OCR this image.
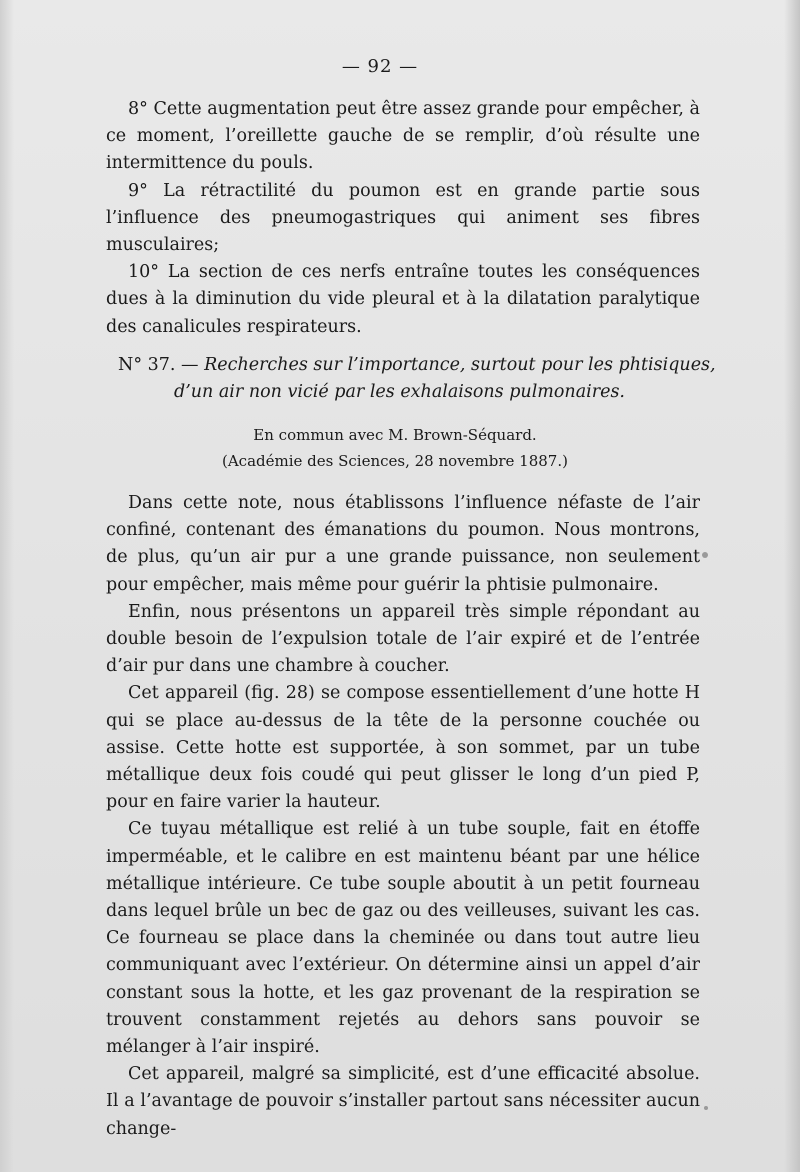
— 92 —

8° Cette augmentation peut être assez grande pour empêcher, à ce moment, l’oreillette gauche de se remplir, d’où résulte une intermittence du pouls.

9° La rétractilité du poumon est en grande partie sous l’influence des pneumogastriques qui animent ses fibres musculaires;

10° La section de ces nerfs entraîne toutes les conséquences dues à la diminution du vide pleural et à la dilatation paralytique des canalicules respirateurs.

N° 37. — Recherches sur l’importance, surtout pour les phtisiques,
d’un air non vicié par les exhalaisons pulmonaires.
En commun avec M. Brown-Séquard.
(Académie des Sciences, 28 novembre 1887.)

Dans cette note, nous établissons l’influence néfaste de l’air confiné, contenant des émanations du poumon. Nous montrons, de plus, qu’un air pur a une grande puissance, non seulement pour empêcher, mais même pour guérir la phtisie pulmonaire.

Enfin, nous présentons un appareil très simple répondant au double besoin de l’expulsion totale de l’air expiré et de l’entrée d’air pur dans une chambre à coucher.

Cet appareil (fig. 28) se compose essentiellement d’une hotte H qui se place au-dessus de la tête de la personne couchée ou assise. Cette hotte est supportée, à son sommet, par un tube métallique deux fois coudé qui peut glisser le long d’un pied P, pour en faire varier la hauteur.

Ce tuyau métallique est relié à un tube souple, fait en étoffe imperméable, et le calibre en est maintenu béant par une hélice métallique intérieure. Ce tube souple aboutit à un petit fourneau dans lequel brûle un bec de gaz ou des veilleuses, suivant les cas. Ce fourneau se place dans la cheminée ou dans tout autre lieu communiquant avec l’extérieur. On détermine ainsi un appel d’air constant sous la hotte, et les gaz provenant de la respiration se trouvent constamment rejetés au dehors sans pouvoir se mélanger à l’air inspiré.

Cet appareil, malgré sa simplicité, est d’une efficacité absolue. Il a l’avantage de pouvoir s’installer partout sans nécessiter aucun change-
